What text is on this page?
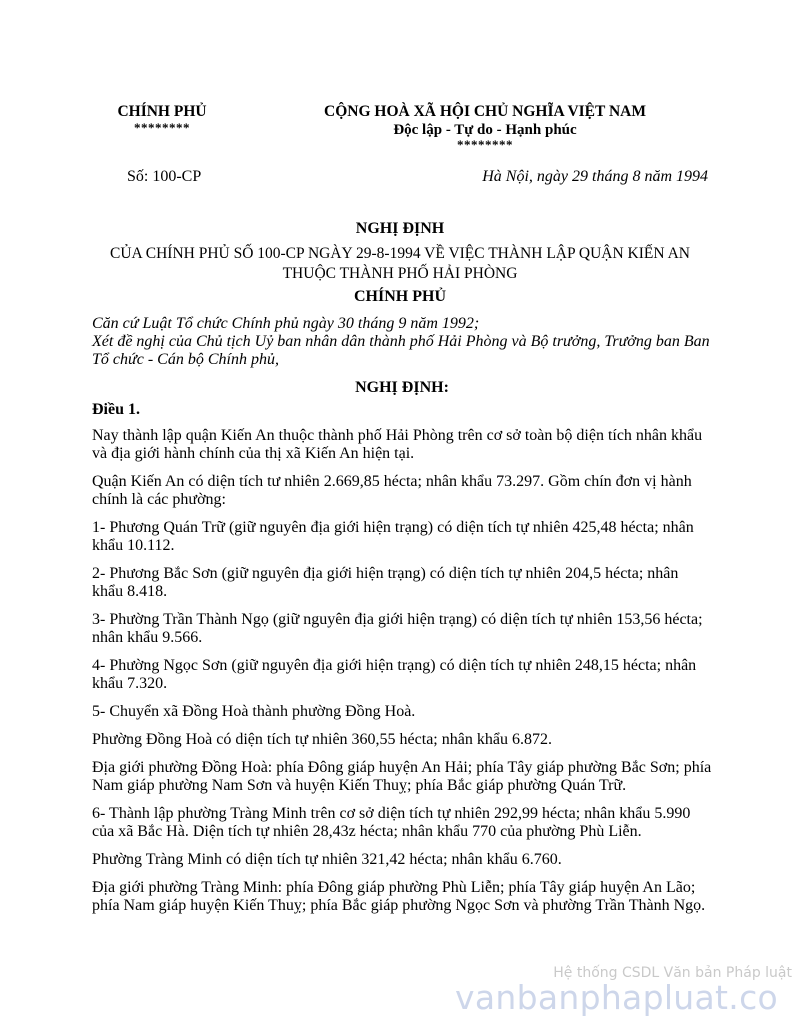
CHÍNH PHỦ
********
CỘNG HOÀ XÃ HỘI CHỦ NGHĨA VIỆT NAM
Độc lập - Tự do - Hạnh phúc
********
Số: 100-CP	Hà Nội, ngày 29 tháng 8 năm 1994
NGHỊ ĐỊNH
CỦA CHÍNH PHỦ SỐ 100-CP NGÀY 29-8-1994 VỀ VIỆC THÀNH LẬP QUẬN KIẾN AN
THUỘC THÀNH PHỐ HẢI PHÒNG
CHÍNH PHỦ

Căn cứ Luật Tổ chức Chính phủ ngày 30 tháng 9 năm 1992;

Xét đề nghị của Chủ tịch Uỷ ban nhân dân thành phố Hải Phòng và Bộ trưởng, Trưởng ban Ban Tổ chức - Cán bộ Chính phủ,

NGHỊ ĐỊNH:
Điều 1.

Nay thành lập quận Kiến An thuộc thành phố Hải Phòng trên cơ sở toàn bộ diện tích nhân khẩu và địa giới hành chính của thị xã Kiến An hiện tại.

Quận Kiến An có diện tích tư nhiên 2.669,85 hécta; nhân khẩu 73.297. Gồm chín đơn vị hành chính là các phường:

1- Phương Quán Trữ (giữ nguyên địa giới hiện trạng) có diện tích tự nhiên 425,48 hécta; nhân khẩu 10.112.

2- Phương Bắc Sơn (giữ nguyên địa giới hiện trạng) có diện tích tự nhiên 204,5 hécta; nhân khẩu 8.418.

3- Phường Trần Thành Ngọ (giữ nguyên địa giới hiện trạng) có diện tích tự nhiên 153,56 hécta; nhân khẩu 9.566.

4- Phường Ngọc Sơn (giữ nguyên địa giới hiện trạng) có diện tích tự nhiên 248,15 hécta; nhân khẩu 7.320.

5- Chuyển xã Đồng Hoà thành phường Đồng Hoà.

Phường Đồng Hoà có diện tích tự nhiên 360,55 hécta; nhân khẩu 6.872.

Địa giới phường Đồng Hoà: phía Đông giáp huyện An Hải; phía Tây giáp phường Bắc Sơn; phía Nam giáp phường Nam Sơn và huyện Kiến Thuỵ; phía Bắc giáp phường Quán Trữ.

6- Thành lập phường Tràng Minh trên cơ sở diện tích tự nhiên 292,99 hécta; nhân khẩu 5.990 của xã Bắc Hà. Diện tích tự nhiên 28,43z hécta; nhân khẩu 770 của phường Phù Liễn.

Phường Tràng Minh có diện tích tự nhiên 321,42 hécta; nhân khẩu 6.760.

Địa giới phường Tràng Minh: phía Đông giáp phường Phù Liễn; phía Tây giáp huyện An Lão; phía Nam giáp huyện Kiến Thuỵ; phía Bắc giáp phường Ngọc Sơn và phường Trần Thành Ngọ.

Hệ thống CSDL Văn bản Pháp luật
vanbanphapluat.co
